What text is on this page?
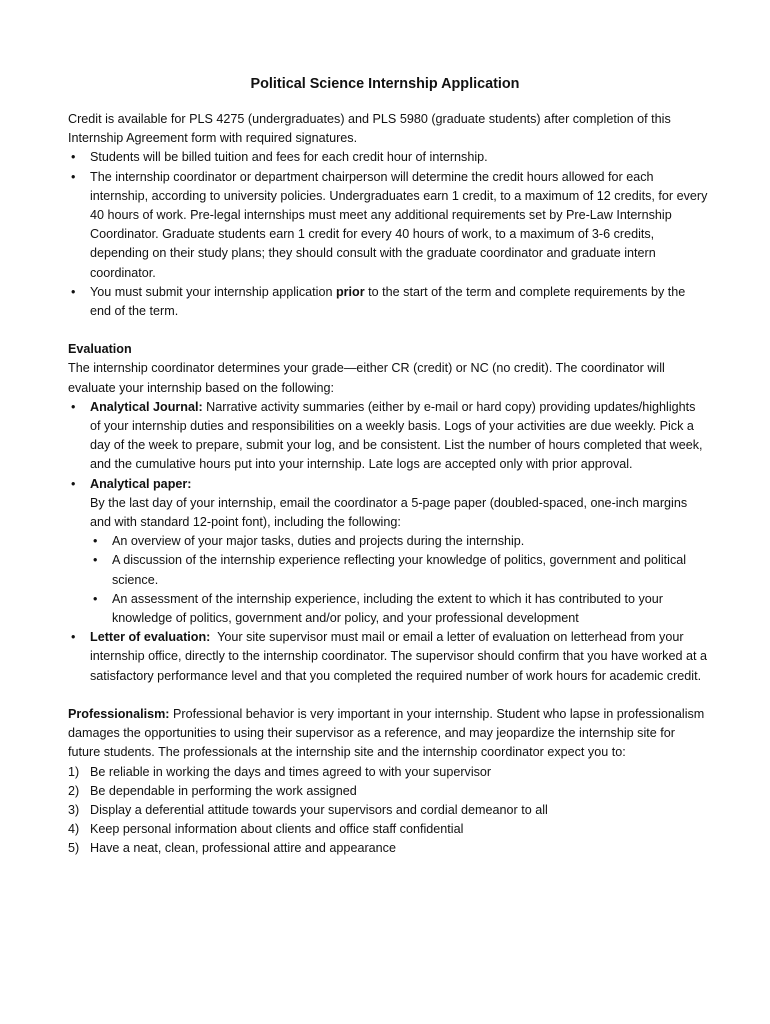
Political Science Internship Application

Credit is available for PLS 4275 (undergraduates) and PLS 5980 (graduate students) after completion of this Internship Agreement form with required signatures.

• Students will be billed tuition and fees for each credit hour of internship.
• The internship coordinator or department chairperson will determine the credit hours allowed for each internship, according to university policies. Undergraduates earn 1 credit, to a maximum of 12 credits, for every 40 hours of work. Pre-legal internships must meet any additional requirements set by Pre-Law Internship Coordinator. Graduate students earn 1 credit for every 40 hours of work, to a maximum of 3-6 credits, depending on their study plans; they should consult with the graduate coordinator and graduate intern coordinator.
• You must submit your internship application prior to the start of the term and complete requirements by the end of the term.

Evaluation

The internship coordinator determines your grade—either CR (credit) or NC (no credit). The coordinator will evaluate your internship based on the following:

• Analytical Journal: Narrative activity summaries (either by e-mail or hard copy) providing updates/highlights of your internship duties and responsibilities on a weekly basis. Logs of your activities are due weekly. Pick a day of the week to prepare, submit your log, and be consistent. List the number of hours completed that week, and the cumulative hours put into your internship. Late logs are accepted only with prior approval.
• Analytical paper:
By the last day of your internship, email the coordinator a 5-page paper (doubled-spaced, one-inch margins and with standard 12-point font), including the following:
• An overview of your major tasks, duties and projects during the internship.
• A discussion of the internship experience reflecting your knowledge of politics, government and political science.
• An assessment of the internship experience, including the extent to which it has contributed to your knowledge of politics, government and/or policy, and your professional development
• Letter of evaluation:  Your site supervisor must mail or email a letter of evaluation on letterhead from your internship office, directly to the internship coordinator. The supervisor should confirm that you have worked at a satisfactory performance level and that you completed the required number of work hours for academic credit.

Professionalism: Professional behavior is very important in your internship. Student who lapse in professionalism damages the opportunities to using their supervisor as a reference, and may jeopardize the internship site for future students. The professionals at the internship site and the internship coordinator expect you to:

1) Be reliable in working the days and times agreed to with your supervisor
2) Be dependable in performing the work assigned
3) Display a deferential attitude towards your supervisors and cordial demeanor to all
4) Keep personal information about clients and office staff confidential
5) Have a neat, clean, professional attire and appearance
